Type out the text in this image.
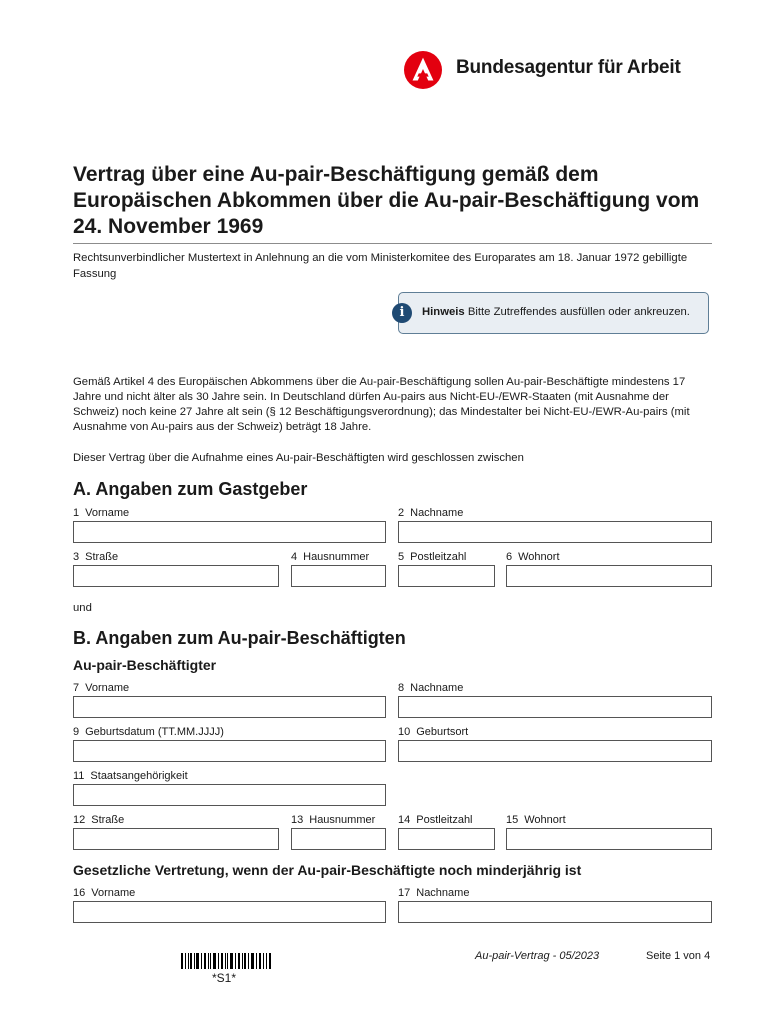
Bundesagentur für Arbeit
Vertrag über eine Au-pair-Beschäftigung gemäß dem Europäischen Abkommen über die Au-pair-Beschäftigung vom 24. November 1969
Rechtsunverbindlicher Mustertext in Anlehnung an die vom Ministerkomitee des Europarates am 18. Januar 1972 gebilligte Fassung
i	Hinweis Bitte Zutreffendes ausfüllen oder ankreuzen.
Gemäß Artikel 4 des Europäischen Abkommens über die Au-pair-Beschäftigung sollen Au-pair-Beschäftigte mindestens 17 Jahre und nicht älter als 30 Jahre sein. In Deutschland dürfen Au-pairs aus Nicht-EU-/EWR-Staaten (mit Ausnahme der Schweiz) noch keine 27 Jahre alt sein (§ 12 Beschäftigungsverordnung); das Mindestalter bei Nicht-EU-/EWR-Au-pairs (mit Ausnahme von Au-pairs aus der Schweiz) beträgt 18 Jahre.
Dieser Vertrag über die Aufnahme eines Au-pair-Beschäftigten wird geschlossen zwischen
A. Angaben zum Gastgeber
1 Vorname	2 Nachname
3 Straße	4 Hausnummer	5 Postleitzahl	6 Wohnort
und
B. Angaben zum Au-pair-Beschäftigten
Au-pair-Beschäftigter
7 Vorname	8 Nachname
9 Geburtsdatum (TT.MM.JJJJ)	10 Geburtsort
11 Staatsangehörigkeit
12 Straße	13 Hausnummer 14 Postleitzahl	15 Wohnort
Gesetzliche Vertretung, wenn der Au-pair-Beschäftigte noch minderjährig ist
16 Vorname	17 Nachname
*S1*
Au-pair-Vertrag - 05/2023	Seite 1 von 4
